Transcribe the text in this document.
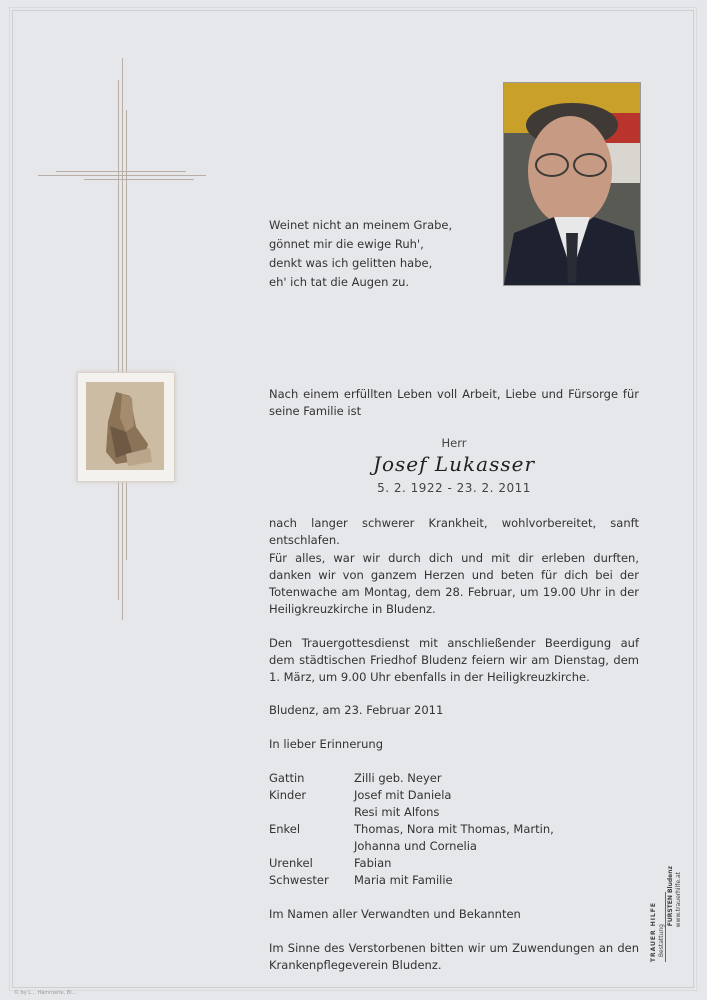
Weinet nicht an meinem Grabe,
gönnet mir die ewige Ruh',
denkt was ich gelitten habe,
eh' ich tat die Augen zu.
Nach einem erfüllten Leben voll Arbeit, Liebe und Fürsorge für seine Familie ist
Herr
Josef Lukasser
5. 2. 1922 - 23. 2. 2011
nach langer schwerer Krankheit, wohlvorbereitet, sanft entschlafen.
Für alles, war wir durch dich und mit dir erleben durften, danken wir von ganzem Herzen und beten für dich bei der Totenwache am Montag, dem 28. Februar, um 19.00 Uhr in der Heiligkreuzkirche in Bludenz.
Den Trauergottesdienst mit anschließender Beerdigung auf dem städtischen Friedhof Bludenz feiern wir am Dienstag, dem 1. März, um 9.00 Uhr ebenfalls in der Heiligkreuzkirche.
Bludenz, am 23. Februar 2011
In lieber Erinnerung
Gattin	Zilli geb. Neyer
Kinder	Josef mit Daniela
Resi mit Alfons
Enkel	Thomas, Nora mit Thomas, Martin,
Johanna und Cornelia
Urenkel	Fabian
Schwester	Maria mit Familie
Im Namen aller Verwandten und Bekannten
Im Sinne des Verstorbenen bitten wir um Zuwendungen an den Krankenpflegeverein Bludenz.
TRAUER HILFE Bestattung
FÜRSTEN Bludenz www.trauerhilfe.at
© by L... Hämmerle, Bl...
